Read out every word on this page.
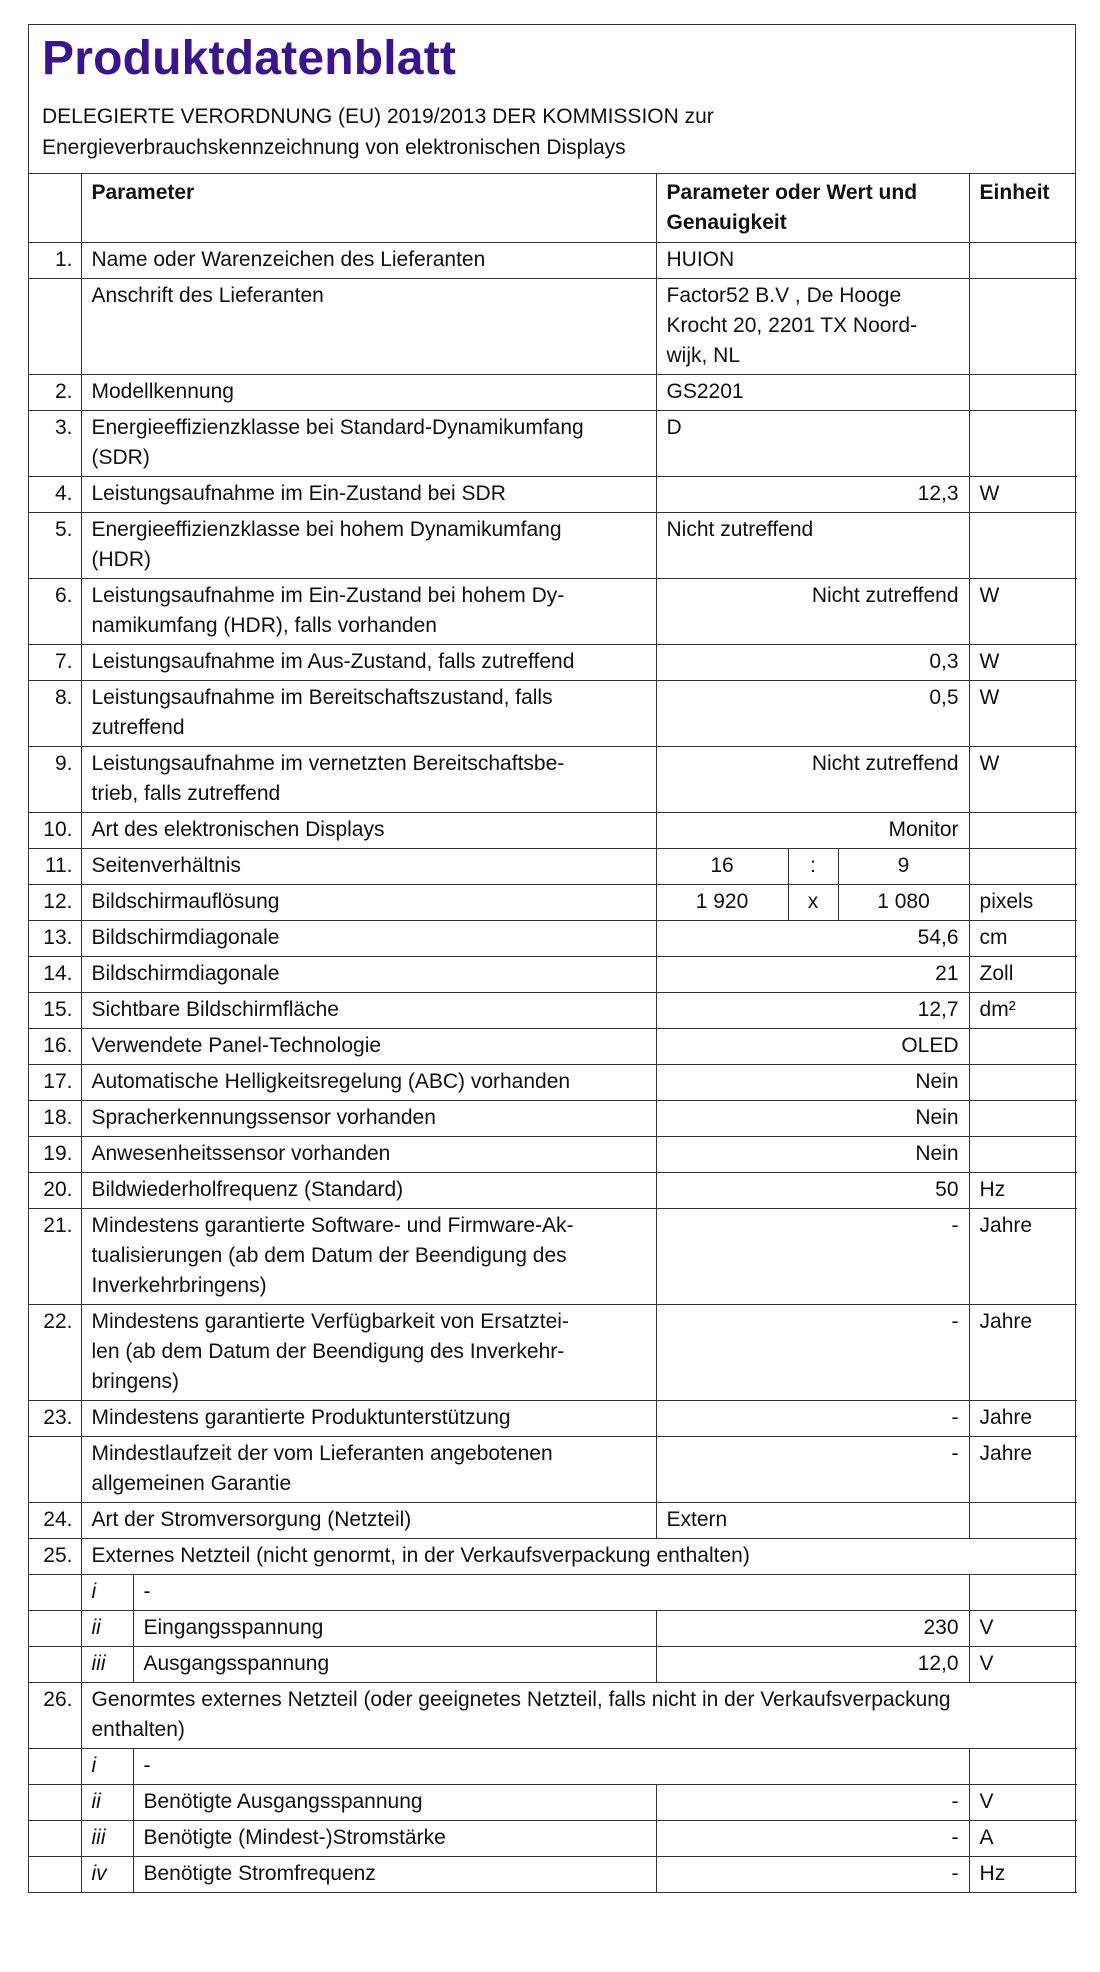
Produktdatenblatt
DELEGIERTE VERORDNUNG (EU) 2019/2013 DER KOMMISSION zur
Energieverbrauchskennzeichnung von elektronischen Displays
	Parameter		Parameter oder Wert und
Genauigkeit			Einheit
1.	Name oder Warenzeichen des Lieferanten		HUION			
	Anschrift des Lieferanten		Factor52 B.V , De Hooge
Krocht 20, 2201 TX Noord-
wijk, NL			

2.	Modellkennung		GS2201			
3.	Energieeffizienzklasse bei Standard-Dynamikumfang
(SDR)		D			
4.	Leistungsaufnahme im Ein-Zustand bei SDR		12,3			W
5.	Energieeffizienzklasse bei hohem Dynamikumfang
(HDR)		Nicht zutreffend			
6.	Leistungsaufnahme im Ein-Zustand bei hohem Dy-
namikumfang (HDR), falls vorhanden		Nicht zutreffend			W
7.	Leistungsaufnahme im Aus-Zustand, falls zutreffend		0,3			W
8.	Leistungsaufnahme im Bereitschaftszustand, falls
zutreffend		0,5			W
9.	Leistungsaufnahme im vernetzten Bereitschaftsbe-
trieb, falls zutreffend		Nicht zutreffend			W
10.	Art des elektronischen Displays		Monitor			
11.	Seitenverhältnis		16	:	9	
12.	Bildschirmauflösung		1 920	x	1 080	pixels
13.	Bildschirmdiagonale		54,6			cm
14.	Bildschirmdiagonale		21			Zoll
15.	Sichtbare Bildschirmfläche		12,7			dm²
16.	Verwendete Panel-Technologie		OLED			
17.	Automatische Helligkeitsregelung (ABC) vorhanden		Nein			
18.	Spracherkennungssensor vorhanden		Nein			
19.	Anwesenheitssensor vorhanden		Nein			
20.	Bildwiederholfrequenz (Standard)		50			Hz
21.	Mindestens garantierte Software- und Firmware-Ak-
tualisierungen (ab dem Datum der Beendigung des
Inverkehrbringens)		-			Jahre
22.	Mindestens garantierte Verfügbarkeit von Ersatztei-
len (ab dem Datum der Beendigung des Inverkehr-
bringens)		-			Jahre
23.	Mindestens garantierte Produktunterstützung		-			Jahre

	Mindestlaufzeit der vom Lieferanten angebotenen
allgemeinen Garantie		-			Jahre
24.	Art der Stromversorgung (Netzteil)		Extern			
25.	Externes Netzteil (nicht genormt, in der Verkaufsverpackung enthalten)					
	i	-				
	ii	Eingangsspannung	230			V
	iii	Ausgangsspannung	12,0			V
26.	Genormtes externes Netzteil (oder geeignetes Netzteil, falls nicht in der Verkaufsverpackung
enthalten)					

	i	-				
	ii	Benötigte Ausgangsspannung	-			V
	iii	Benötigte (Mindest-)Stromstärke	-			A
	iv	Benötigte Stromfrequenz	-			Hz
